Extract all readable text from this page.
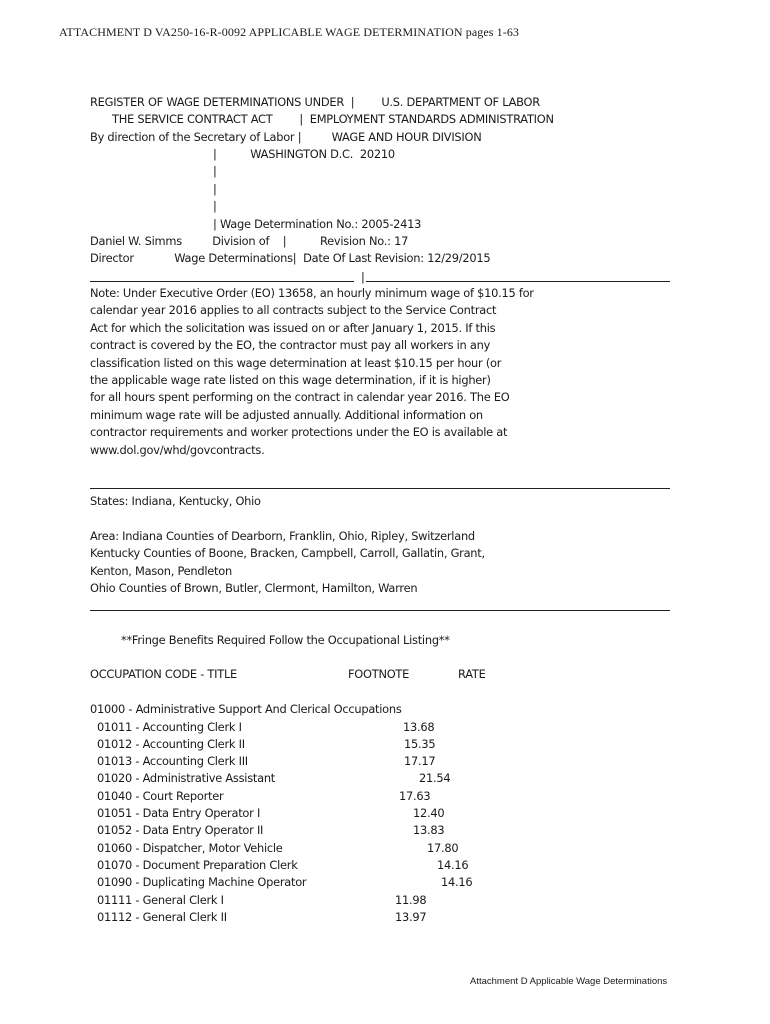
ATTACHMENT D VA250-16-R-0092 APPLICABLE WAGE DETERMINATION pages 1-63
REGISTER OF WAGE DETERMINATIONS UNDER  |        U.S. DEPARTMENT OF LABOR
THE SERVICE CONTRACT ACT        |  EMPLOYMENT STANDARDS ADMINISTRATION
By direction of the Secretary of Labor |         WAGE AND HOUR DIVISION
|          WASHINGTON D.C.  20210
|
|
|
| Wage Determination No.: 2005-2413
Daniel W. Simms         Division of    |          Revision No.: 17
Director            Wage Determinations|  Date Of Last Revision: 12/29/2015
|
Note: Under Executive Order (EO) 13658, an hourly minimum wage of $10.15 for
calendar year 2016 applies to all contracts subject to the Service Contract
Act for which the solicitation was issued on or after January 1, 2015. If this
contract is covered by the EO, the contractor must pay all workers in any
classification listed on this wage determination at least $10.15 per hour (or
the applicable wage rate listed on this wage determination, if it is higher)
for all hours spent performing on the contract in calendar year 2016. The EO
minimum wage rate will be adjusted annually. Additional information on
contractor requirements and worker protections under the EO is available at
www.dol.gov/whd/govcontracts.
States: Indiana, Kentucky, Ohio
Area: Indiana Counties of Dearborn, Franklin, Ohio, Ripley, Switzerland
Kentucky Counties of Boone, Bracken, Campbell, Carroll, Gallatin, Grant,
Kenton, Mason, Pendleton
Ohio Counties of Brown, Butler, Clermont, Hamilton, Warren
**Fringe Benefits Required Follow the Occupational Listing**
OCCUPATION CODE - TITLE	FOOTNOTE	RATE
01000 - Administrative Support And Clerical Occupations
01011 - Accounting Clerk I	13.68
01012 - Accounting Clerk II	15.35
01013 - Accounting Clerk III	17.17
01020 - Administrative Assistant	21.54
01040 - Court Reporter	17.63
01051 - Data Entry Operator I	12.40
01052 - Data Entry Operator II	13.83
01060 - Dispatcher, Motor Vehicle	17.80
01070 - Document Preparation Clerk	14.16
01090 - Duplicating Machine Operator	14.16
01111 - General Clerk I	11.98
01112 - General Clerk II	13.97
Attachment D Applicable Wage Determinations
